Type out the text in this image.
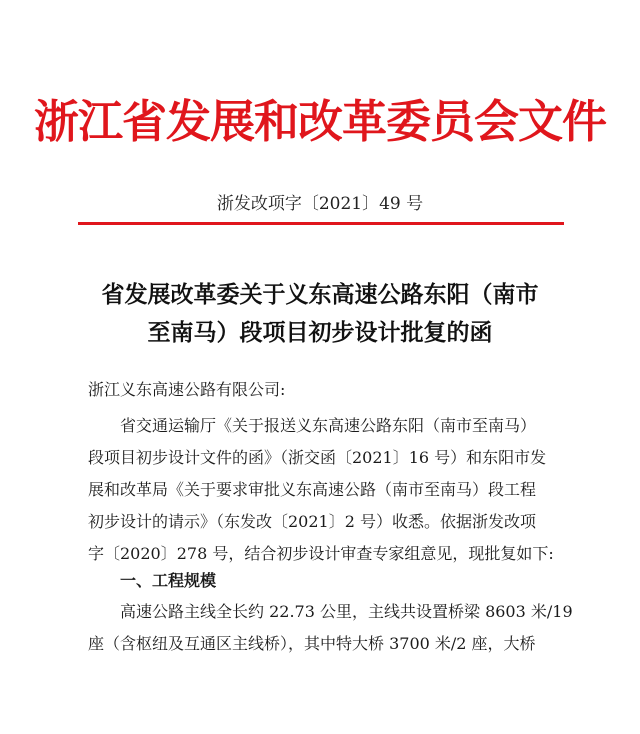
浙江省发展和改革委员会文件
浙发改项字〔2021〕49 号
省发展改革委关于义东高速公路东阳（南市
至南马）段项目初步设计批复的函
浙江义东高速公路有限公司:
省交通运输厅《关于报送义东高速公路东阳（南市至南马）
段项目初步设计文件的函》（浙交函〔2021〕16 号）和东阳市发
展和改革局《关于要求审批义东高速公路（南市至南马）段工程
初步设计的请示》（东发改〔2021〕2 号）收悉。依据浙发改项
字〔2020〕278 号，结合初步设计审查专家组意见，现批复如下:
一、工程规模
高速公路主线全长约 22.73 公里，主线共设置桥梁 8603 米/19
座（含枢纽及互通区主线桥），其中特大桥 3700 米/2 座，大桥
